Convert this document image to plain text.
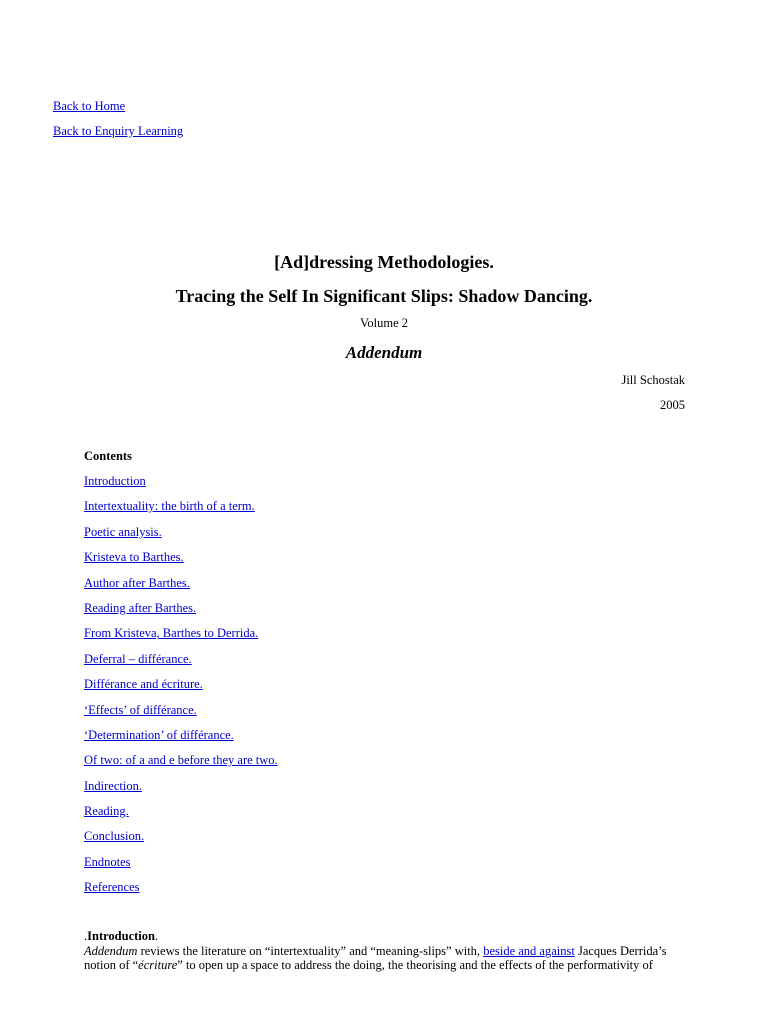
Back to Home
Back to Enquiry Learning
[Ad]dressing Methodologies.
Tracing the Self In Significant Slips: Shadow Dancing.
Volume 2
Addendum
Jill Schostak
2005
Contents
Introduction
Intertextuality: the birth of a term.
Poetic analysis.
Kristeva to Barthes.
Author after Barthes.
Reading after Barthes.
From Kristeva, Barthes to Derrida.
Deferral – différance.
Différance and écriture.
‘Effects’ of différance.
‘Determination’ of différance.
Of two: of a and e before they are two.
Indirection.
Reading.
Conclusion.
Endnotes
References
.Introduction.
Addendum reviews the literature on “intertextuality” and “meaning-slips” with, beside and against Jacques Derrida’s notion of “écriture” to open up a space to address the doing, the theorising and the effects of the performativity of
